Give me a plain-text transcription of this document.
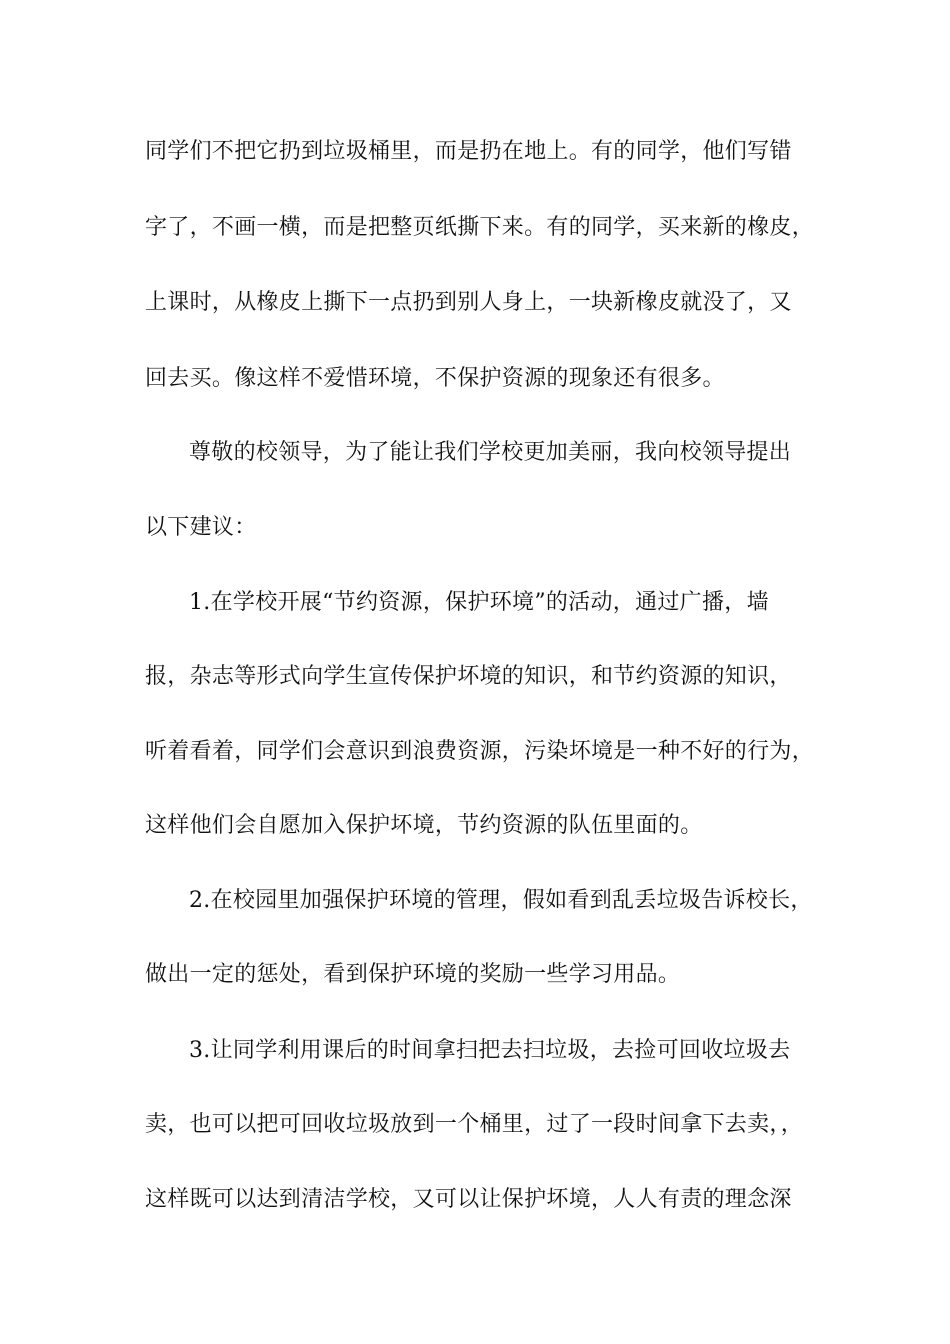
同学们不把它扔到垃圾桶里，而是扔在地上。有的同学，他们写错
字了，不画一横，而是把整页纸撕下来。有的同学，买来新的橡皮，
上课时，从橡皮上撕下一点扔到别人身上，一块新橡皮就没了，又
回去买。像这样不爱惜环境，不保护资源的现象还有很多。
尊敬的校领导，为了能让我们学校更加美丽，我向校领导提出
以下建议：
1.在学校开展“节约资源，保护环境”的活动，通过广播，墙
报，杂志等形式向学生宣传保护坏境的知识，和节约资源的知识，
听着看着，同学们会意识到浪费资源，污染坏境是一种不好的行为，
这样他们会自愿加入保护坏境，节约资源的队伍里面的。
2.在校园里加强保护环境的管理，假如看到乱丢垃圾告诉校长，
做出一定的惩处，看到保护环境的奖励一些学习用品。
3.让同学利用课后的时间拿扫把去扫垃圾，去捡可回收垃圾去
卖，也可以把可回收垃圾放到一个桶里，过了一段时间拿下去卖，，
这样既可以达到清洁学校，又可以让保护坏境，人人有责的理念深
